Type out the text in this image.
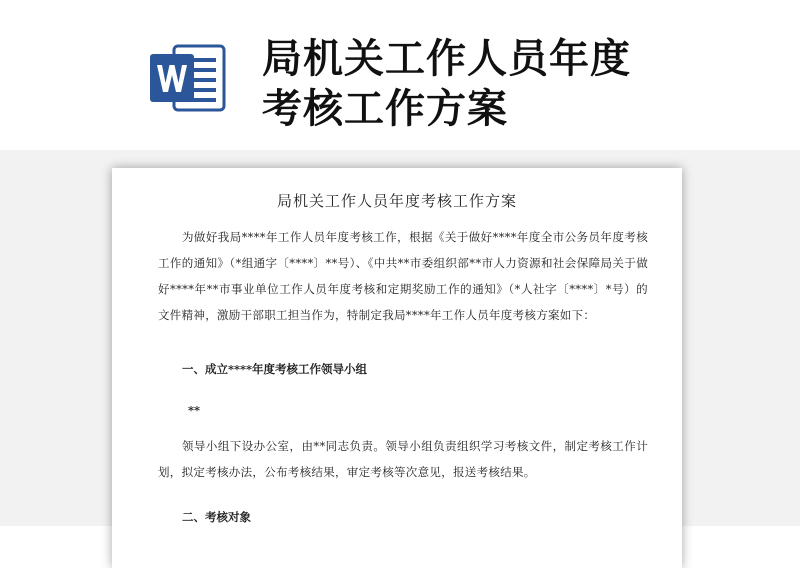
局机关工作人员年度
考核工作方案
局机关工作人员年度考核工作方案
为做好我局****年工作人员年度考核工作，根据《关于做好****年度全市公务员年度考核工作的通知》（*组通字〔****〕**号）、《中共**市委组织部**市人力资源和社会保障局关于做好****年**市事业单位工作人员年度考核和定期奖励工作的通知》（*人社字〔****〕*号）的文件精神，激励干部职工担当作为，特制定我局****年工作人员年度考核方案如下：
一、成立****年度考核工作领导小组
**
领导小组下设办公室，由**同志负责。领导小组负责组织学习考核文件，制定考核工作计划，拟定考核办法，公布考核结果，审定考核等次意见，报送考核结果。
二、考核对象
